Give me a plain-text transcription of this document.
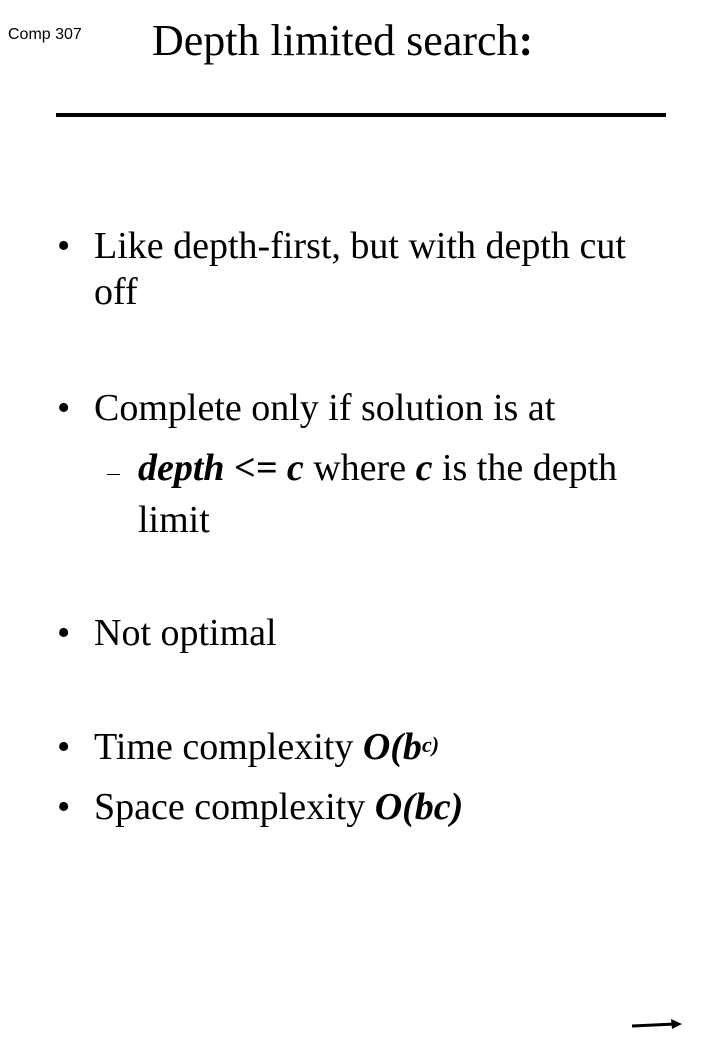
Comp 307 Depth limited search:
• Like depth-first, but with depth cut
off
• Complete only if solution is at
depth <= c where c is the depth
limit
• Not optimal
• Time complexity $O(b^{c)}$
• Space complexity O(bc)
